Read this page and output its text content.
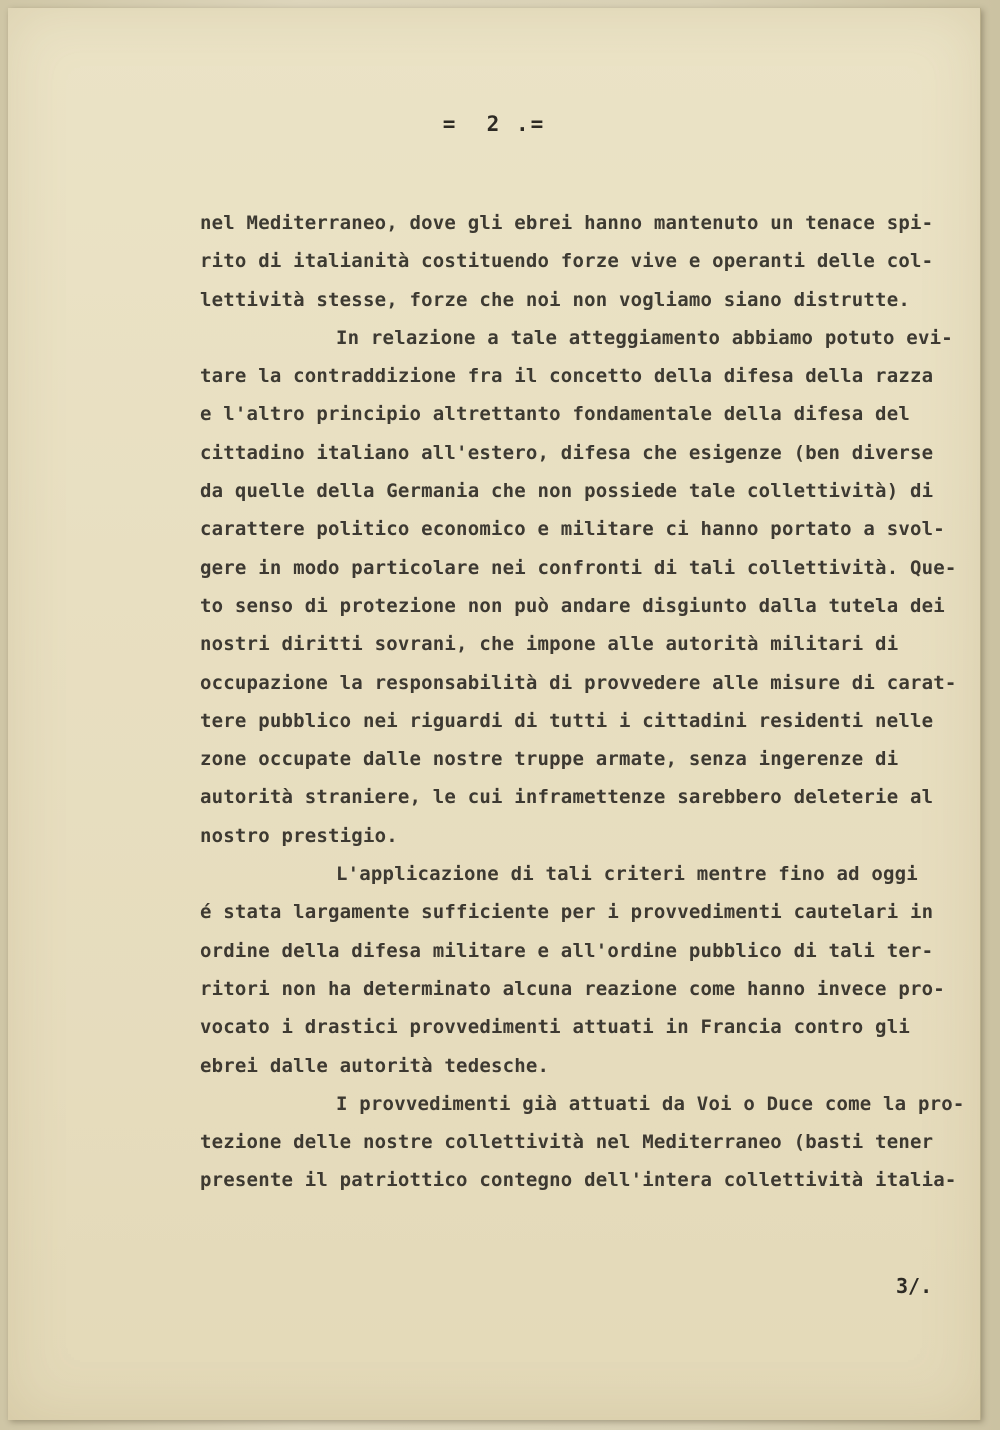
=  2 .=
nel Mediterraneo, dove gli ebrei hanno mantenuto un tenace spi-
rito di italianità costituendo forze vive e operanti delle col-
lettività stesse, forze che noi non vogliamo siano distrutte.
In relazione a tale atteggiamento abbiamo potuto evi-
tare la contraddizione fra il concetto della difesa della razza
e l'altro principio altrettanto fondamentale della difesa del
cittadino italiano all'estero, difesa che esigenze (ben diverse
da quelle della Germania che non possiede tale collettività) di
carattere politico economico e militare ci hanno portato a svol-
gere in modo particolare nei confronti di tali collettività. Que-
to senso di protezione non può andare disgiunto dalla tutela dei
nostri diritti sovrani, che impone alle autorità militari di
occupazione la responsabilità di provvedere alle misure di carat-
tere pubblico nei riguardi di tutti i cittadini residenti nelle
zone occupate dalle nostre truppe armate, senza ingerenze di
autorità straniere, le cui inframettenze sarebbero deleterie al
nostro prestigio.
L'applicazione di tali criteri mentre fino ad oggi
é stata largamente sufficiente per i provvedimenti cautelari in
ordine della difesa militare e all'ordine pubblico di tali ter-
ritori non ha determinato alcuna reazione come hanno invece pro-
vocato i drastici provvedimenti attuati in Francia contro gli
ebrei dalle autorità tedesche.
I provvedimenti già attuati da Voi o Duce come la pro-
tezione delle nostre collettività nel Mediterraneo (basti tener
presente il patriottico contegno dell'intera collettività italia-
3/.
